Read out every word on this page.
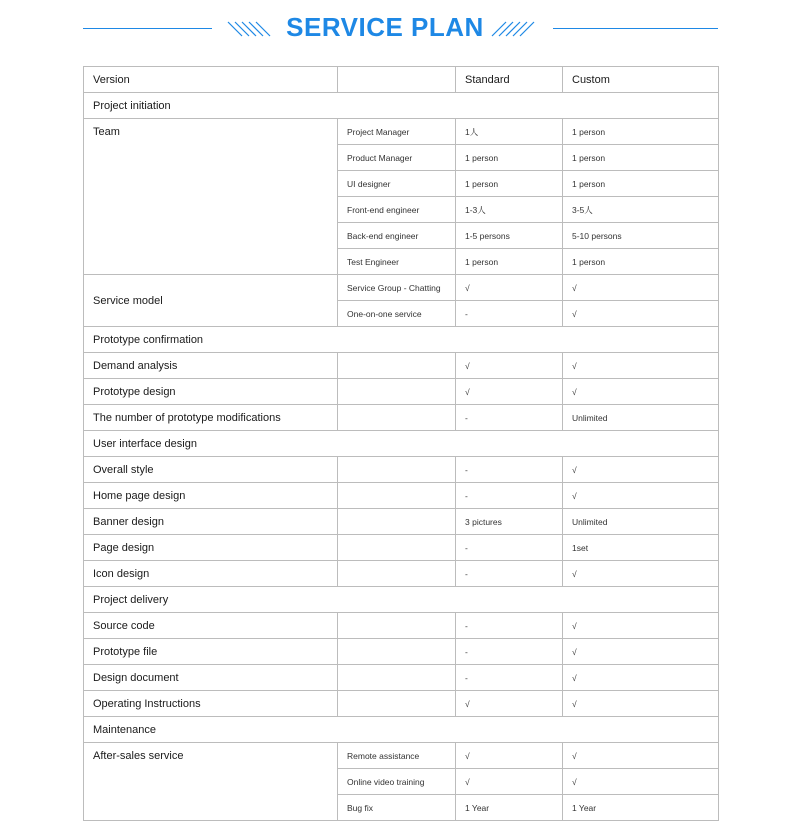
SERVICE PLAN
Version		Standard	Custom
Project initiation			
Team	Project Manager	1人	1 person
	Product Manager	1 person	1 person
	UI designer	1 person	1 person
	Front-end engineer	1-3人	3-5人
	Back-end engineer	1-5 persons	5-10 persons
	Test Engineer	1 person	1 person
Service model	Service Group - Chatting	√	√
	One-on-one service	-	√
Prototype confirmation			
Demand analysis		√	√
Prototype design		√	√
The number of prototype modifications		-	Unlimited
User interface design			
Overall style		-	√
Home page design		-	√
Banner design		3 pictures	Unlimited
Page design		-	1set
Icon design		-	√
Project delivery			
Source code		-	√
Prototype file		-	√
Design document		-	√
Operating Instructions		√	√
Maintenance			
After-sales service	Remote assistance	√	√
	Online video training	√	√
	Bug fix	1 Year	1 Year
